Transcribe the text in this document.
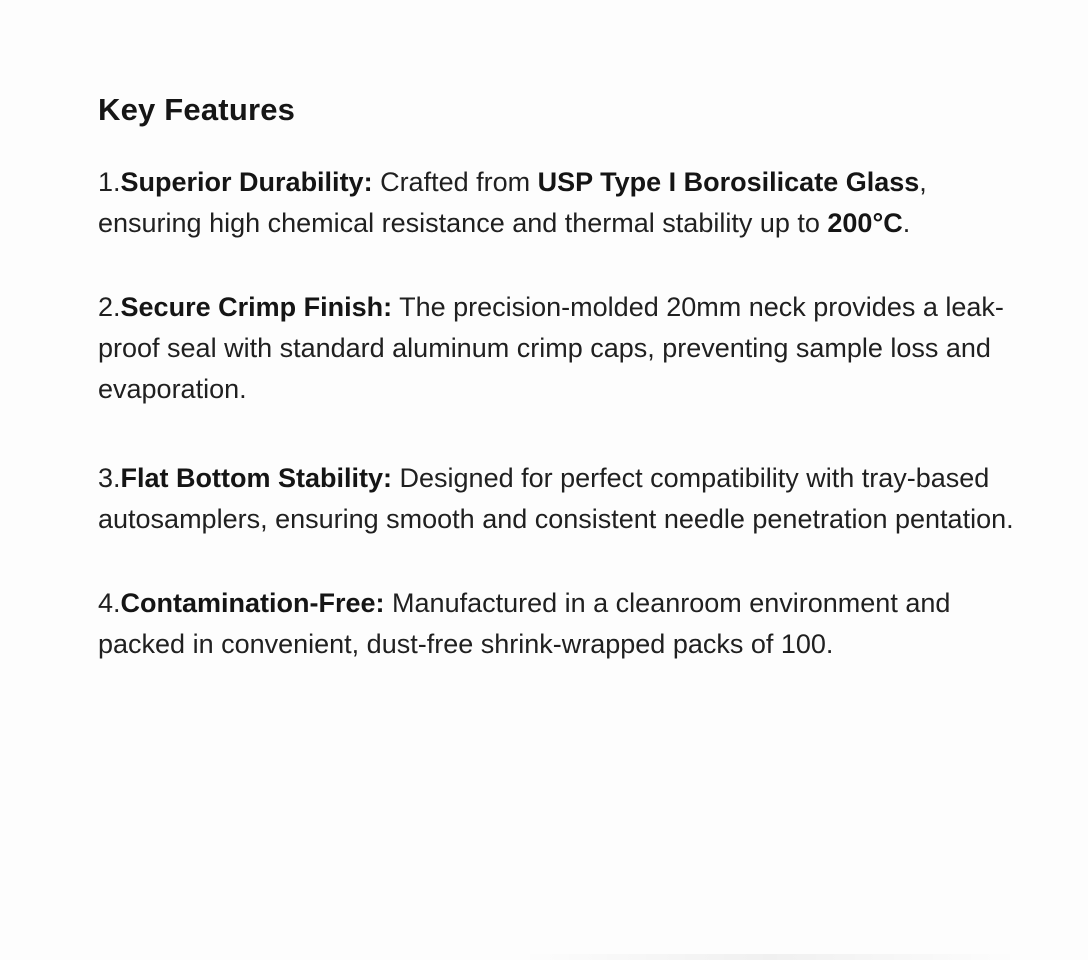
Key Features

1.Superior Durability: Crafted from USP Type I Borosilicate Glass, ensuring high chemical resistance and thermal stability up to 200°C.

2.Secure Crimp Finish: The precision-molded 20mm neck provides a leak-proof seal with standard aluminum crimp caps, preventing sample loss and evaporation.

3.Flat Bottom Stability: Designed for perfect compatibility with tray-based autosamplers, ensuring smooth and consistent needle penetration pentation.

4.Contamination-Free: Manufactured in a cleanroom environment and packed in convenient, dust-free shrink-wrapped packs of 100.
